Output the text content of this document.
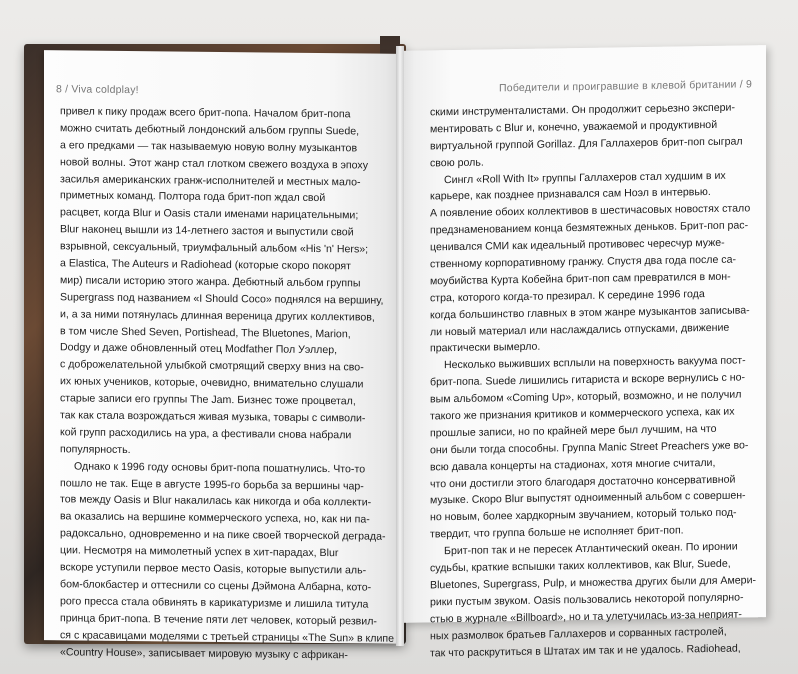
8 / Viva coldplay!
привел к пику продаж всего брит-попа. Началом брит-попа
можно считать дебютный лондонский альбом группы Suede,
а его предками — так называемую новую волну музыкантов
новой волны. Этот жанр стал глотком свежего воздуха в эпоху
засилья американских гранж-исполнителей и местных мало-
приметных команд. Полтора года брит-поп ждал свой
расцвет, когда Blur и Oasis стали именами нарицательными;
Blur наконец вышли из 14-летнего застоя и выпустили свой
взрывной, сексуальный, триумфальный альбом «His 'n' Hers»;
а Elastica, The Auteurs и Radiohead (которые скоро покорят
мир) писали историю этого жанра. Дебютный альбом группы
Supergrass под названием «I Should Coco» поднялся на вершину,
и, а за ними потянулась длинная вереница других коллективов,
в том числе Shed Seven, Portishead, The Bluetones, Marion,
Dodgy и даже обновленный отец Modfather Пол Уэллер,
с доброжелательной улыбкой смотрящий сверху вниз на сво-
их юных учеников, которые, очевидно, внимательно слушали
старые записи его группы The Jam. Бизнес тоже процветал,
так как стала возрождаться живая музыка, товары с символи-
кой групп расходились на ура, а фестивали снова набрали
популярность.
Однако к 1996 году основы брит-попа пошатнулись. Что-то
пошло не так. Еще в августе 1995-го борьба за вершины чар-
тов между Oasis и Blur накалилась как никогда и оба коллекти-
ва оказались на вершине коммерческого успеха, но, как ни па-
радоксально, одновременно и на пике своей творческой деграда-
ции. Несмотря на мимолетный успех в хит-парадах, Blur
вскоре уступили первое место Oasis, которые выпустили аль-
бом-блокбастер и оттеснили со сцены Дэймона Албарна, кото-
рого пресса стала обвинять в карикатуризме и лишила титула
принца брит-попа. В течение пяти лет человек, который резвил-
ся с красавицами моделями с третьей страницы «The Sun» в клипе
«Country House», записывает мировую музыку с африкан-
Победители и проигравшие в клевой британии / 9
скими инструменталистами. Он продолжит серьезно экспери-
ментировать с Blur и, конечно, уважаемой и продуктивной
виртуальной группой Gorillaz. Для Галлахеров брит-поп сыграл
свою роль.
Сингл «Roll With It» группы Галлахеров стал худшим в их
карьере, как позднее признавался сам Ноэл в интервью.
А появление обоих коллективов в шестичасовых новостях стало
предзнаменованием конца безмятежных деньков. Брит-поп рас-
ценивался СМИ как идеальный противовес чересчур муже-
ственному корпоративному гранжу. Спустя два года после са-
моубийства Курта Кобейна брит-поп сам превратился в мон-
стра, которого когда-то презирал. К середине 1996 года
когда большинство главных в этом жанре музыкантов записыва-
ли новый материал или наслаждались отпусками, движение
практически вымерло.
Несколько выживших всплыли на поверхность вакуума пост-
брит-попа. Suede лишились гитариста и вскоре вернулись с но-
вым альбомом «Coming Up», который, возможно, и не получил
такого же признания критиков и коммерческого успеха, как их
прошлые записи, но по крайней мере был лучшим, на что
они были тогда способны. Группа Manic Street Preachers уже во-
всю давала концерты на стадионах, хотя многие считали,
что они достигли этого благодаря достаточно консервативной
музыке. Скоро Blur выпустят одноименный альбом с совершен-
но новым, более хардкорным звучанием, который только под-
твердит, что группа больше не исполняет брит-поп.
Брит-поп так и не пересек Атлантический океан. По иронии
судьбы, краткие вспышки таких коллективов, как Blur, Suede,
Bluetones, Supergrass, Pulp, и множества других были для Амери-
рики пустым звуком. Oasis пользовались некоторой популярно-
стью в журнале «Billboard», но и та улетучилась из-за неприят-
ных размолвок братьев Галлахеров и сорванных гастролей,
так что раскрутиться в Штатах им так и не удалось. Radiohead,
